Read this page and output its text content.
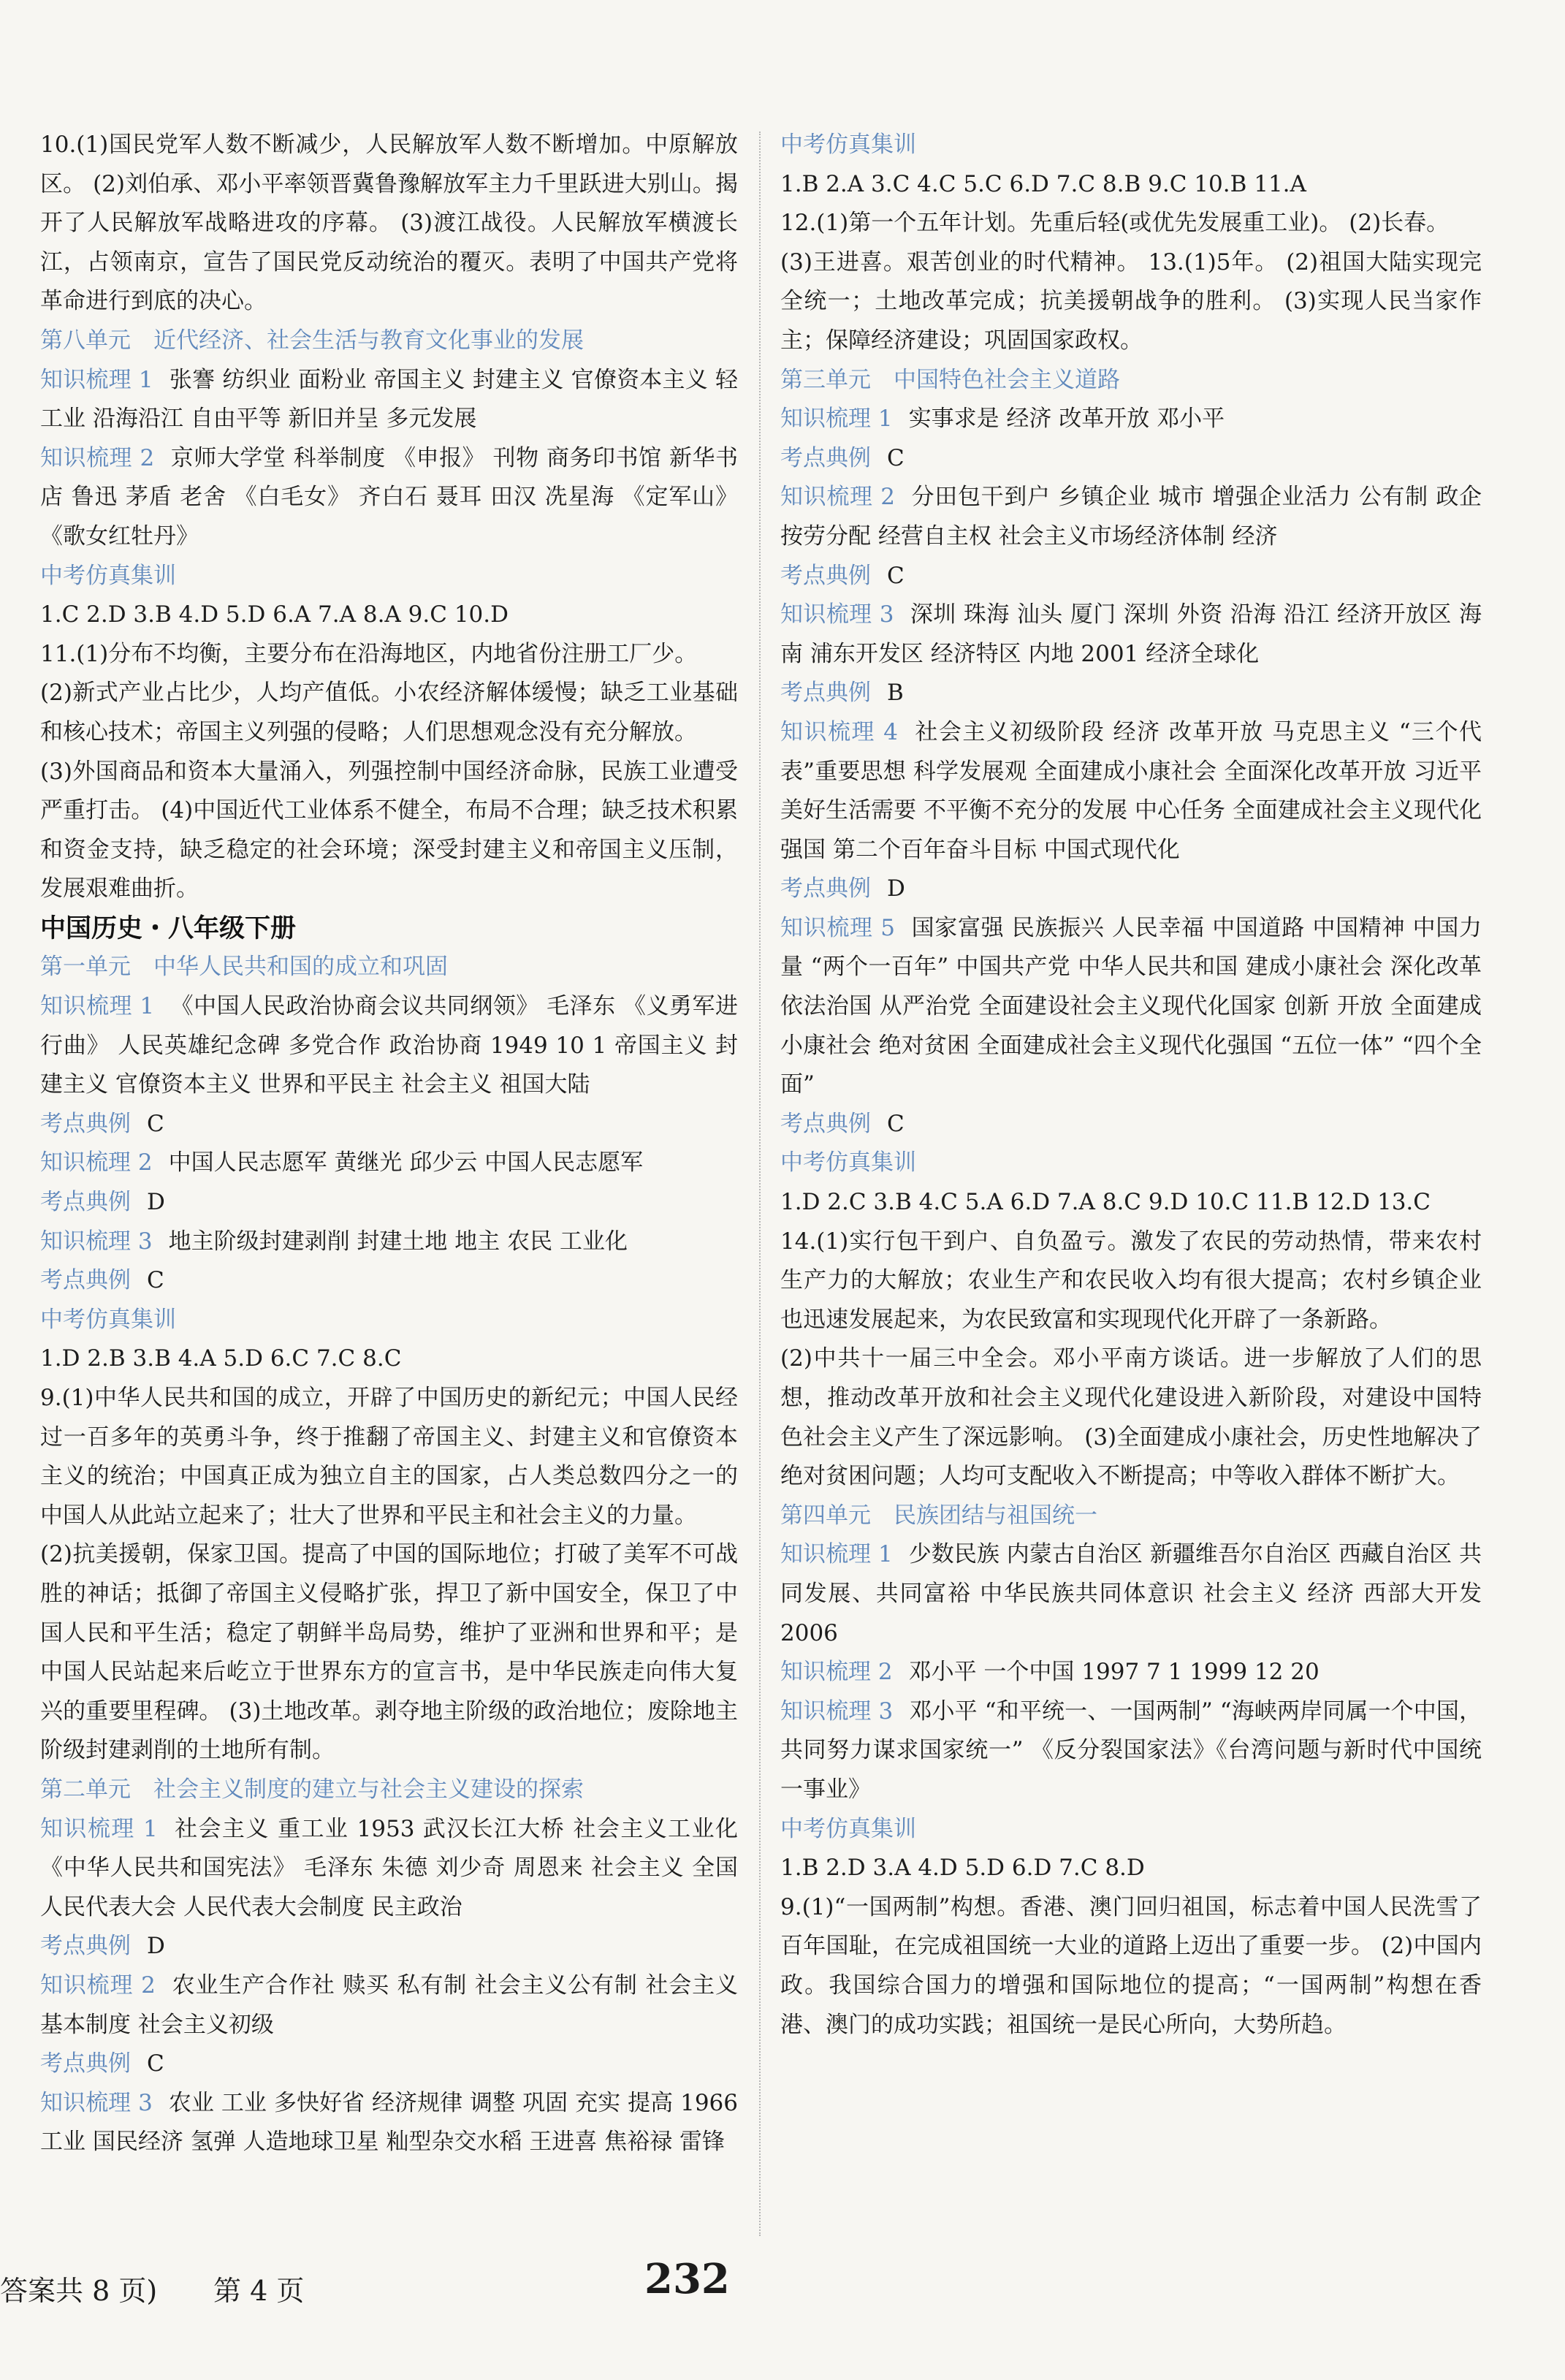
10.(1)国民党军人数不断减少，人民解放军人数不断增加。中原解放区。 (2)刘伯承、邓小平率领晋冀鲁豫解放军主力千里跃进大别山。揭开了人民解放军战略进攻的序幕。 (3)渡江战役。人民解放军横渡长江，占领南京，宣告了国民党反动统治的覆灭。表明了中国共产党将革命进行到底的决心。

第八单元　近代经济、社会生活与教育文化事业的发展

知识梳理 1 张謇 纺织业 面粉业 帝国主义 封建主义 官僚资本主义 轻工业 沿海沿江 自由平等 新旧并呈 多元发展

知识梳理 2 京师大学堂 科举制度 《申报》 刊物 商务印书馆 新华书店 鲁迅 茅盾 老舍 《白毛女》 齐白石 聂耳 田汉 冼星海 《定军山》《歌女红牡丹》

中考仿真集训

1.C 2.D 3.B 4.D 5.D 6.A 7.A 8.A 9.C 10.D

11.(1)分布不均衡，主要分布在沿海地区，内地省份注册工厂少。

(2)新式产业占比少，人均产值低。小农经济解体缓慢；缺乏工业基础和核心技术；帝国主义列强的侵略；人们思想观念没有充分解放。

(3)外国商品和资本大量涌入，列强控制中国经济命脉，民族工业遭受严重打击。 (4)中国近代工业体系不健全，布局不合理；缺乏技术积累和资金支持，缺乏稳定的社会环境；深受封建主义和帝国主义压制，发展艰难曲折。

中国历史・八年级下册

第一单元　中华人民共和国的成立和巩固

知识梳理 1 《中国人民政治协商会议共同纲领》 毛泽东 《义勇军进行曲》 人民英雄纪念碑 多党合作 政治协商 1949 10 1 帝国主义 封建主义 官僚资本主义 世界和平民主 社会主义 祖国大陆

考点典例 C

知识梳理 2 中国人民志愿军 黄继光 邱少云 中国人民志愿军

考点典例 D

知识梳理 3 地主阶级封建剥削 封建土地 地主 农民 工业化

考点典例 C

中考仿真集训

1.D 2.B 3.B 4.A 5.D 6.C 7.C 8.C

9.(1)中华人民共和国的成立，开辟了中国历史的新纪元；中国人民经过一百多年的英勇斗争，终于推翻了帝国主义、封建主义和官僚资本主义的统治；中国真正成为独立自主的国家，占人类总数四分之一的中国人从此站立起来了；壮大了世界和平民主和社会主义的力量。

(2)抗美援朝，保家卫国。提高了中国的国际地位；打破了美军不可战胜的神话；抵御了帝国主义侵略扩张，捍卫了新中国安全，保卫了中国人民和平生活；稳定了朝鲜半岛局势，维护了亚洲和世界和平；是中国人民站起来后屹立于世界东方的宣言书，是中华民族走向伟大复兴的重要里程碑。 (3)土地改革。剥夺地主阶级的政治地位；废除地主阶级封建剥削的土地所有制。

第二单元　社会主义制度的建立与社会主义建设的探索

知识梳理 1 社会主义 重工业 1953 武汉长江大桥 社会主义工业化 《中华人民共和国宪法》 毛泽东 朱德 刘少奇 周恩来 社会主义 全国人民代表大会 人民代表大会制度 民主政治

考点典例 D

知识梳理 2 农业生产合作社 赎买 私有制 社会主义公有制 社会主义基本制度 社会主义初级

考点典例 C

知识梳理 3 农业 工业 多快好省 经济规律 调整 巩固 充实 提高 1966 工业 国民经济 氢弹 人造地球卫星 籼型杂交水稻 王进喜 焦裕禄 雷锋

中考仿真集训

1.B 2.A 3.C 4.C 5.C 6.D 7.C 8.B 9.C 10.B 11.A

12.(1)第一个五年计划。先重后轻(或优先发展重工业)。 (2)长春。

(3)王进喜。艰苦创业的时代精神。 13.(1)5年。 (2)祖国大陆实现完全统一；土地改革完成；抗美援朝战争的胜利。 (3)实现人民当家作主；保障经济建设；巩固国家政权。

第三单元　中国特色社会主义道路

知识梳理 1 实事求是 经济 改革开放 邓小平

考点典例 C

知识梳理 2 分田包干到户 乡镇企业 城市 增强企业活力 公有制 政企 按劳分配 经营自主权 社会主义市场经济体制 经济

考点典例 C

知识梳理 3 深圳 珠海 汕头 厦门 深圳 外资 沿海 沿江 经济开放区 海南 浦东开发区 经济特区 内地 2001 经济全球化

考点典例 B

知识梳理 4 社会主义初级阶段 经济 改革开放 马克思主义 “三个代表”重要思想 科学发展观 全面建成小康社会 全面深化改革开放 习近平 美好生活需要 不平衡不充分的发展 中心任务 全面建成社会主义现代化强国 第二个百年奋斗目标 中国式现代化

考点典例 D

知识梳理 5 国家富强 民族振兴 人民幸福 中国道路 中国精神 中国力量 “两个一百年” 中国共产党 中华人民共和国 建成小康社会 深化改革 依法治国 从严治党 全面建设社会主义现代化国家 创新 开放 全面建成小康社会 绝对贫困 全面建成社会主义现代化强国 “五位一体” “四个全面”

考点典例 C

中考仿真集训

1.D 2.C 3.B 4.C 5.A 6.D 7.A 8.C 9.D 10.C 11.B 12.D 13.C

14.(1)实行包干到户、自负盈亏。激发了农民的劳动热情，带来农村生产力的大解放；农业生产和农民收入均有很大提高；农村乡镇企业也迅速发展起来，为农民致富和实现现代化开辟了一条新路。

(2)中共十一届三中全会。邓小平南方谈话。进一步解放了人们的思想，推动改革开放和社会主义现代化建设进入新阶段，对建设中国特色社会主义产生了深远影响。 (3)全面建成小康社会，历史性地解决了绝对贫困问题；人均可支配收入不断提高；中等收入群体不断扩大。

第四单元　民族团结与祖国统一

知识梳理 1 少数民族 内蒙古自治区 新疆维吾尔自治区 西藏自治区 共同发展、共同富裕 中华民族共同体意识 社会主义 经济 西部大开发 2006

知识梳理 2 邓小平 一个中国 1997 7 1 1999 12 20

知识梳理 3 邓小平 “和平统一、一国两制” “海峡两岸同属一个中国，共同努力谋求国家统一” 《反分裂国家法》《台湾问题与新时代中国统一事业》

中考仿真集训

1.B 2.D 3.A 4.D 5.D 6.D 7.C 8.D

9.(1)“一国两制”构想。香港、澳门回归祖国，标志着中国人民洗雪了百年国耻，在完成祖国统一大业的道路上迈出了重要一步。 (2)中国内政。我国综合国力的增强和国际地位的提高；“一国两制”构想在香港、澳门的成功实践；祖国统一是民心所向，大势所趋。

答案共 8 页) 第 4 页	232
